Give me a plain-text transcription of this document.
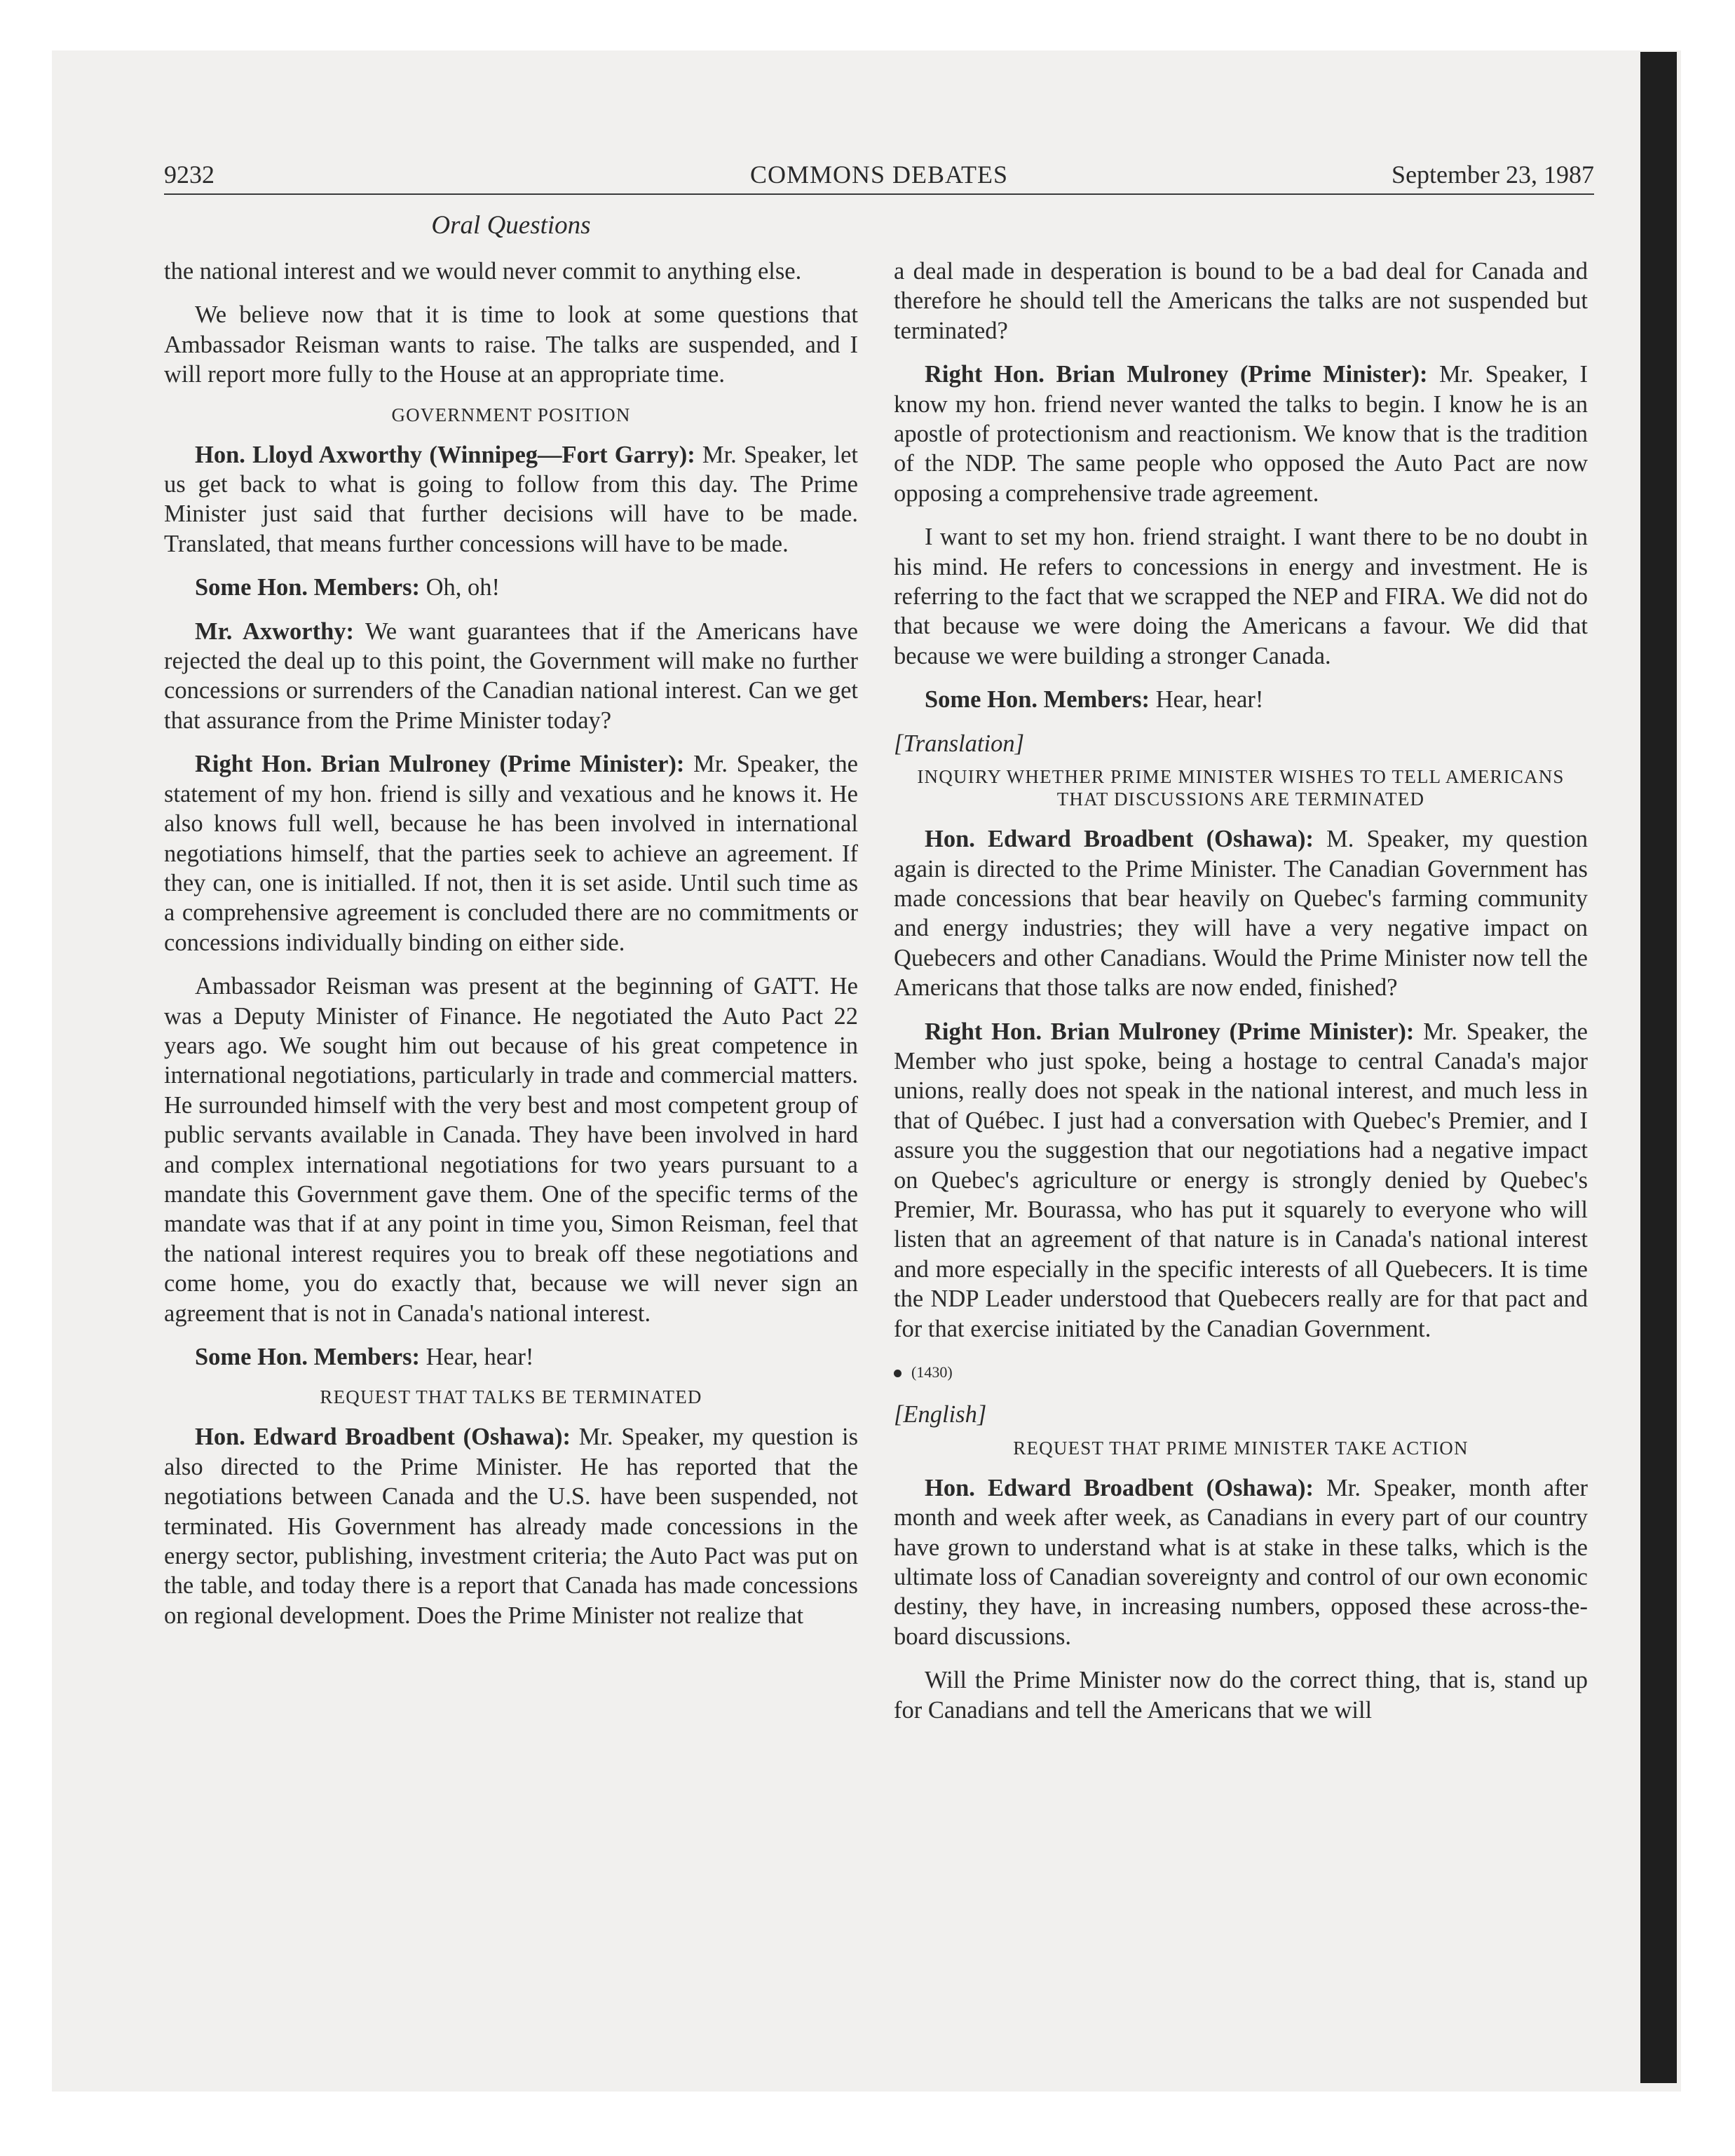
9232	COMMONS DEBATES	September 23, 1987
Oral Questions

the national interest and we would never commit to anything else.

We believe now that it is time to look at some questions that Ambassador Reisman wants to raise. The talks are suspended, and I will report more fully to the House at an appropriate time.

GOVERNMENT POSITION

Hon. Lloyd Axworthy (Winnipeg—Fort Garry): Mr. Speaker, let us get back to what is going to follow from this day. The Prime Minister just said that further decisions will have to be made. Translated, that means further concessions will have to be made.

Some Hon. Members: Oh, oh!

Mr. Axworthy: We want guarantees that if the Americans have rejected the deal up to this point, the Government will make no further concessions or surrenders of the Canadian national interest. Can we get that assurance from the Prime Minister today?

Right Hon. Brian Mulroney (Prime Minister): Mr. Speaker, the statement of my hon. friend is silly and vexatious and he knows it. He also knows full well, because he has been involved in international negotiations himself, that the parties seek to achieve an agreement. If they can, one is initialled. If not, then it is set aside. Until such time as a comprehensive agreement is concluded there are no commitments or concessions individually binding on either side.

Ambassador Reisman was present at the beginning of GATT. He was a Deputy Minister of Finance. He negotiated the Auto Pact 22 years ago. We sought him out because of his great competence in international negotiations, particularly in trade and commercial matters. He surrounded himself with the very best and most competent group of public servants available in Canada. They have been involved in hard and complex international negotiations for two years pursuant to a mandate this Government gave them. One of the specific terms of the mandate was that if at any point in time you, Simon Reisman, feel that the national interest requires you to break off these negotiations and come home, you do exactly that, because we will never sign an agreement that is not in Canada's national interest.

Some Hon. Members: Hear, hear!

REQUEST THAT TALKS BE TERMINATED

Hon. Edward Broadbent (Oshawa): Mr. Speaker, my question is also directed to the Prime Minister. He has reported that the negotiations between Canada and the U.S. have been suspended, not terminated. His Government has already made concessions in the energy sector, publishing, investment criteria; the Auto Pact was put on the table, and today there is a report that Canada has made concessions on regional development. Does the Prime Minister not realize that

a deal made in desperation is bound to be a bad deal for Canada and therefore he should tell the Americans the talks are not suspended but terminated?

Right Hon. Brian Mulroney (Prime Minister): Mr. Speaker, I know my hon. friend never wanted the talks to begin. I know he is an apostle of protectionism and reactionism. We know that is the tradition of the NDP. The same people who opposed the Auto Pact are now opposing a comprehensive trade agreement.

I want to set my hon. friend straight. I want there to be no doubt in his mind. He refers to concessions in energy and investment. He is referring to the fact that we scrapped the NEP and FIRA. We did not do that because we were doing the Americans a favour. We did that because we were building a stronger Canada.

Some Hon. Members: Hear, hear!

[Translation]
INQUIRY WHETHER PRIME MINISTER WISHES TO TELL AMERICANS THAT DISCUSSIONS ARE TERMINATED

Hon. Edward Broadbent (Oshawa): M. Speaker, my question again is directed to the Prime Minister. The Canadian Government has made concessions that bear heavily on Quebec's farming community and energy industries; they will have a very negative impact on Quebecers and other Canadians. Would the Prime Minister now tell the Americans that those talks are now ended, finished?

Right Hon. Brian Mulroney (Prime Minister): Mr. Speaker, the Member who just spoke, being a hostage to central Canada's major unions, really does not speak in the national interest, and much less in that of Québec. I just had a conversation with Quebec's Premier, and I assure you the suggestion that our negotiations had a negative impact on Quebec's agriculture or energy is strongly denied by Quebec's Premier, Mr. Bourassa, who has put it squarely to everyone who will listen that an agreement of that nature is in Canada's national interest and more especially in the specific interests of all Quebecers. It is time the NDP Leader understood that Quebecers really are for that pact and for that exercise initiated by the Canadian Government.

(1430)
[English]
REQUEST THAT PRIME MINISTER TAKE ACTION

Hon. Edward Broadbent (Oshawa): Mr. Speaker, month after month and week after week, as Canadians in every part of our country have grown to understand what is at stake in these talks, which is the ultimate loss of Canadian sovereignty and control of our own economic destiny, they have, in increasing numbers, opposed these across-the-board discussions.

Will the Prime Minister now do the correct thing, that is, stand up for Canadians and tell the Americans that we will
